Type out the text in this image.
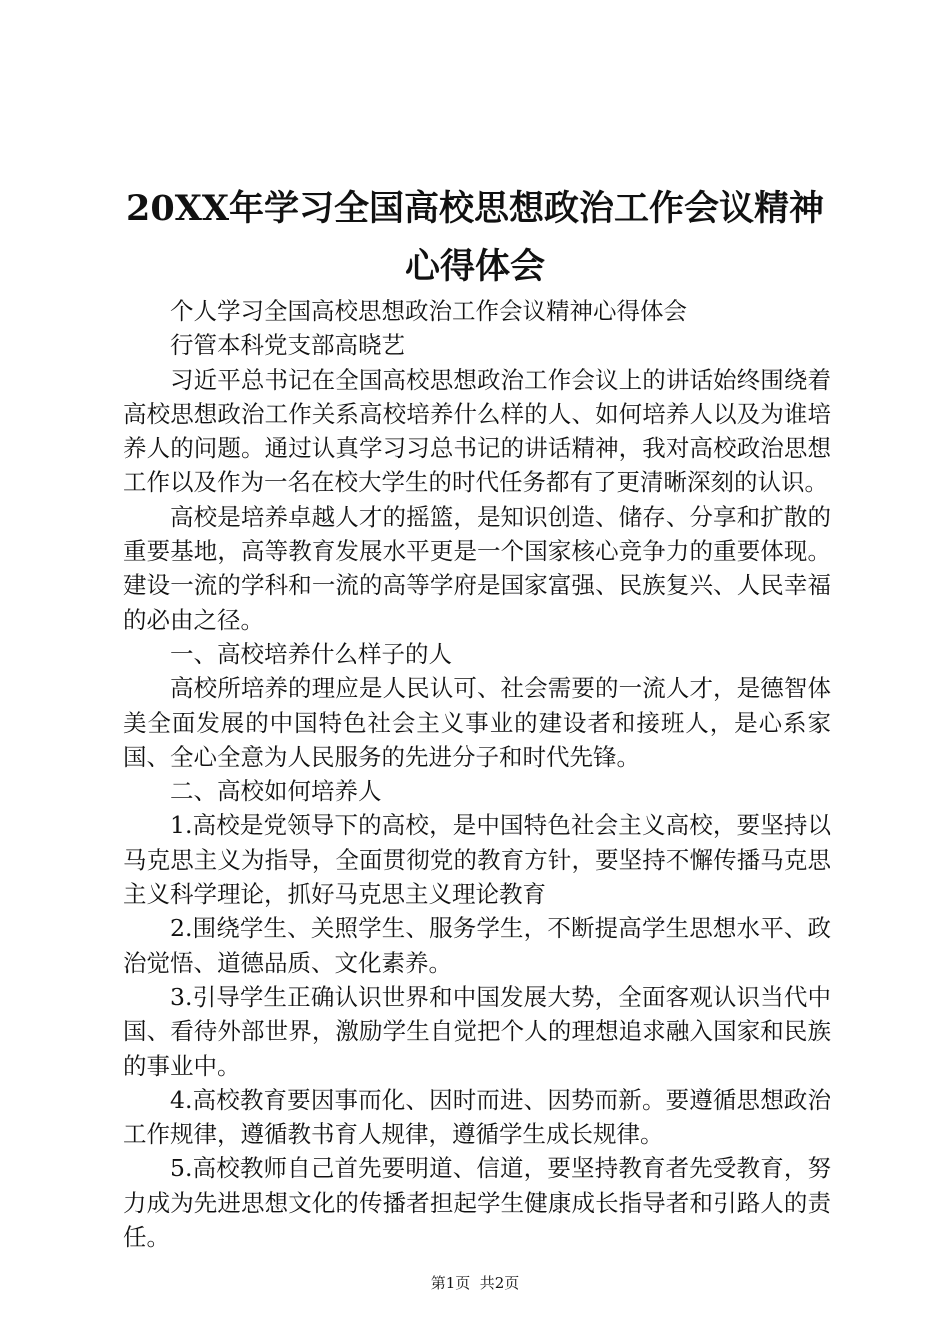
20XX年学习全国高校思想政治工作会议精神
心得体会

个人学习全国高校思想政治工作会议精神心得体会

行管本科党支部高晓艺

习近平总书记在全国高校思想政治工作会议上的讲话始终围绕着高校思想政治工作关系高校培养什么样的人、如何培养人以及为谁培养人的问题。通过认真学习习总书记的讲话精神，我对高校政治思想工作以及作为一名在校大学生的时代任务都有了更清晰深刻的认识。

高校是培养卓越人才的摇篮，是知识创造、储存、分享和扩散的重要基地，高等教育发展水平更是一个国家核心竞争力的重要体现。建设一流的学科和一流的高等学府是国家富强、民族复兴、人民幸福的必由之径。

一、高校培养什么样子的人

高校所培养的理应是人民认可、社会需要的一流人才，是德智体美全面发展的中国特色社会主义事业的建设者和接班人，是心系家国、全心全意为人民服务的先进分子和时代先锋。

二、高校如何培养人

1.高校是党领导下的高校，是中国特色社会主义高校，要坚持以马克思主义为指导，全面贯彻党的教育方针，要坚持不懈传播马克思主义科学理论，抓好马克思主义理论教育

2.围绕学生、关照学生、服务学生，不断提高学生思想水平、政治觉悟、道德品质、文化素养。

3.引导学生正确认识世界和中国发展大势，全面客观认识当代中国、看待外部世界，激励学生自觉把个人的理想追求融入国家和民族的事业中。

4.高校教育要因事而化、因时而进、因势而新。要遵循思想政治工作规律，遵循教书育人规律，遵循学生成长规律。

5.高校教师自己首先要明道、信道，要坚持教育者先受教育，努力成为先进思想文化的传播者担起学生健康成长指导者和引路人的责任。

第1页  共2页
